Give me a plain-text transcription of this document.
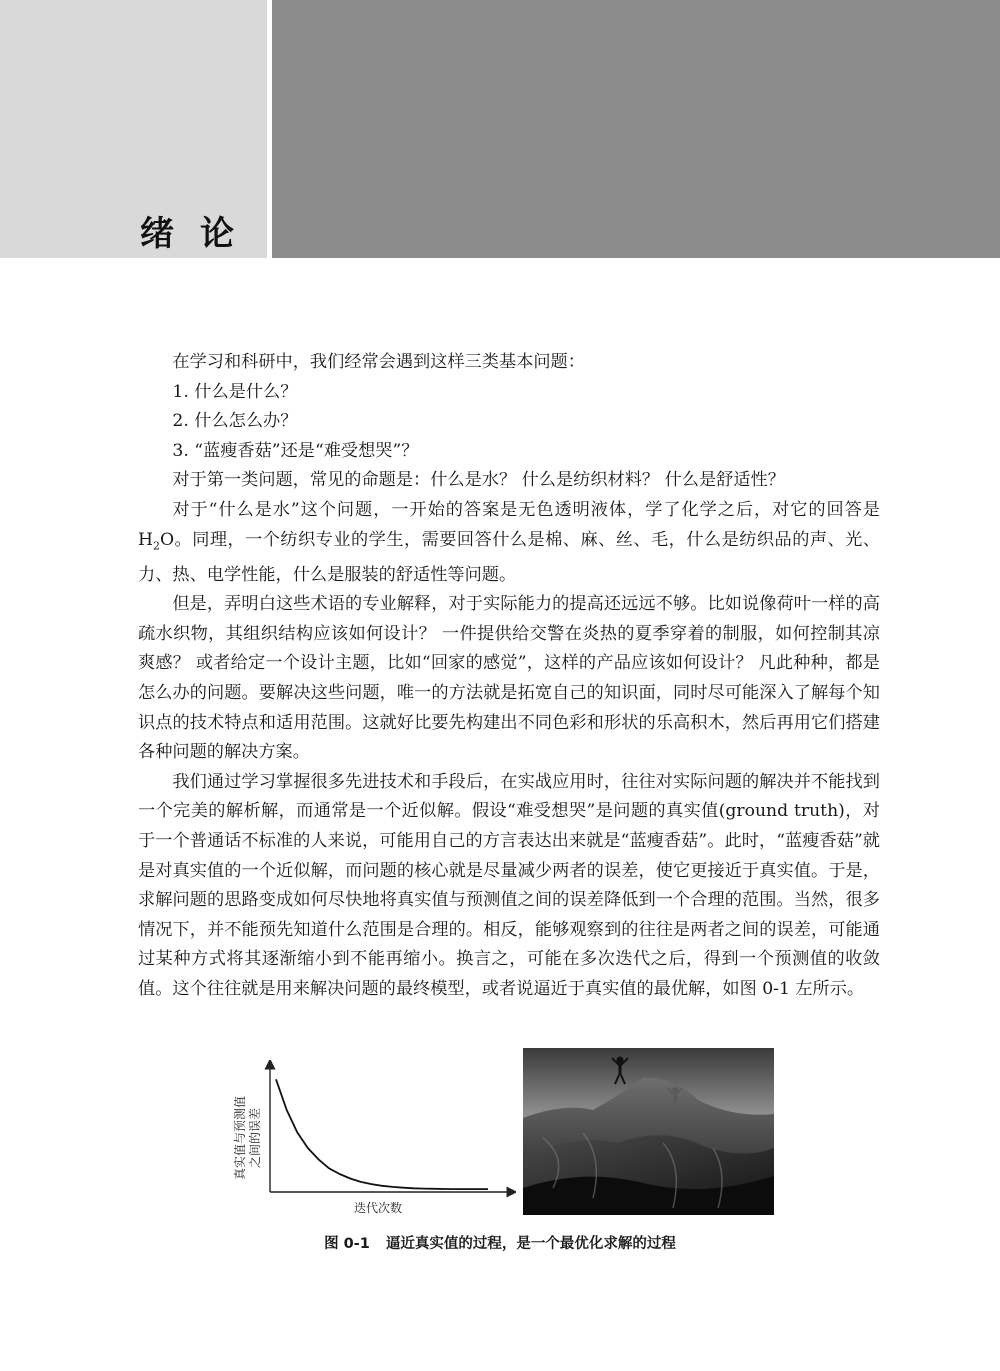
绪论

在学习和科研中，我们经常会遇到这样三类基本问题：

1. 什么是什么？

2. 什么怎么办？

3. “蓝瘦香菇”还是“难受想哭”？

对于第一类问题，常见的命题是：什么是水？ 什么是纺织材料？ 什么是舒适性？

对于“什么是水”这个问题，一开始的答案是无色透明液体，学了化学之后，对它的回答是 $H_2O$。同理，一个纺织专业的学生，需要回答什么是棉、麻、丝、毛，什么是纺织品的声、光、力、热、电学性能，什么是服装的舒适性等问题。

但是，弄明白这些术语的专业解释，对于实际能力的提高还远远不够。比如说像荷叶一样的高疏水织物，其组织结构应该如何设计？ 一件提供给交警在炎热的夏季穿着的制服，如何控制其凉爽感？ 或者给定一个设计主题，比如“回家的感觉”，这样的产品应该如何设计？ 凡此种种，都是怎么办的问题。要解决这些问题，唯一的方法就是拓宽自己的知识面，同时尽可能深入了解每个知识点的技术特点和适用范围。这就好比要先构建出不同色彩和形状的乐高积木，然后再用它们搭建各种问题的解决方案。

我们通过学习掌握很多先进技术和手段后，在实战应用时，往往对实际问题的解决并不能找到一个完美的解析解，而通常是一个近似解。假设“难受想哭”是问题的真实值(ground truth)，对于一个普通话不标准的人来说，可能用自己的方言表达出来就是“蓝瘦香菇”。此时，“蓝瘦香菇”就是对真实值的一个近似解，而问题的核心就是尽量减少两者的误差，使它更接近于真实值。于是，求解问题的思路变成如何尽快地将真实值与预测值之间的误差降低到一个合理的范围。当然，很多情况下，并不能预先知道什么范围是合理的。相反，能够观察到的往往是两者之间的误差，可能通过某种方式将其逐渐缩小到不能再缩小。换言之，可能在多次迭代之后，得到一个预测值的收敛值。这个往往就是用来解决问题的最终模型，或者说逼近于真实值的最优解，如图 0-1 左所示。

真实值与预测值 之间的误差
迭代次数
图 0-1 逼近真实值的过程，是一个最优化求解的过程
